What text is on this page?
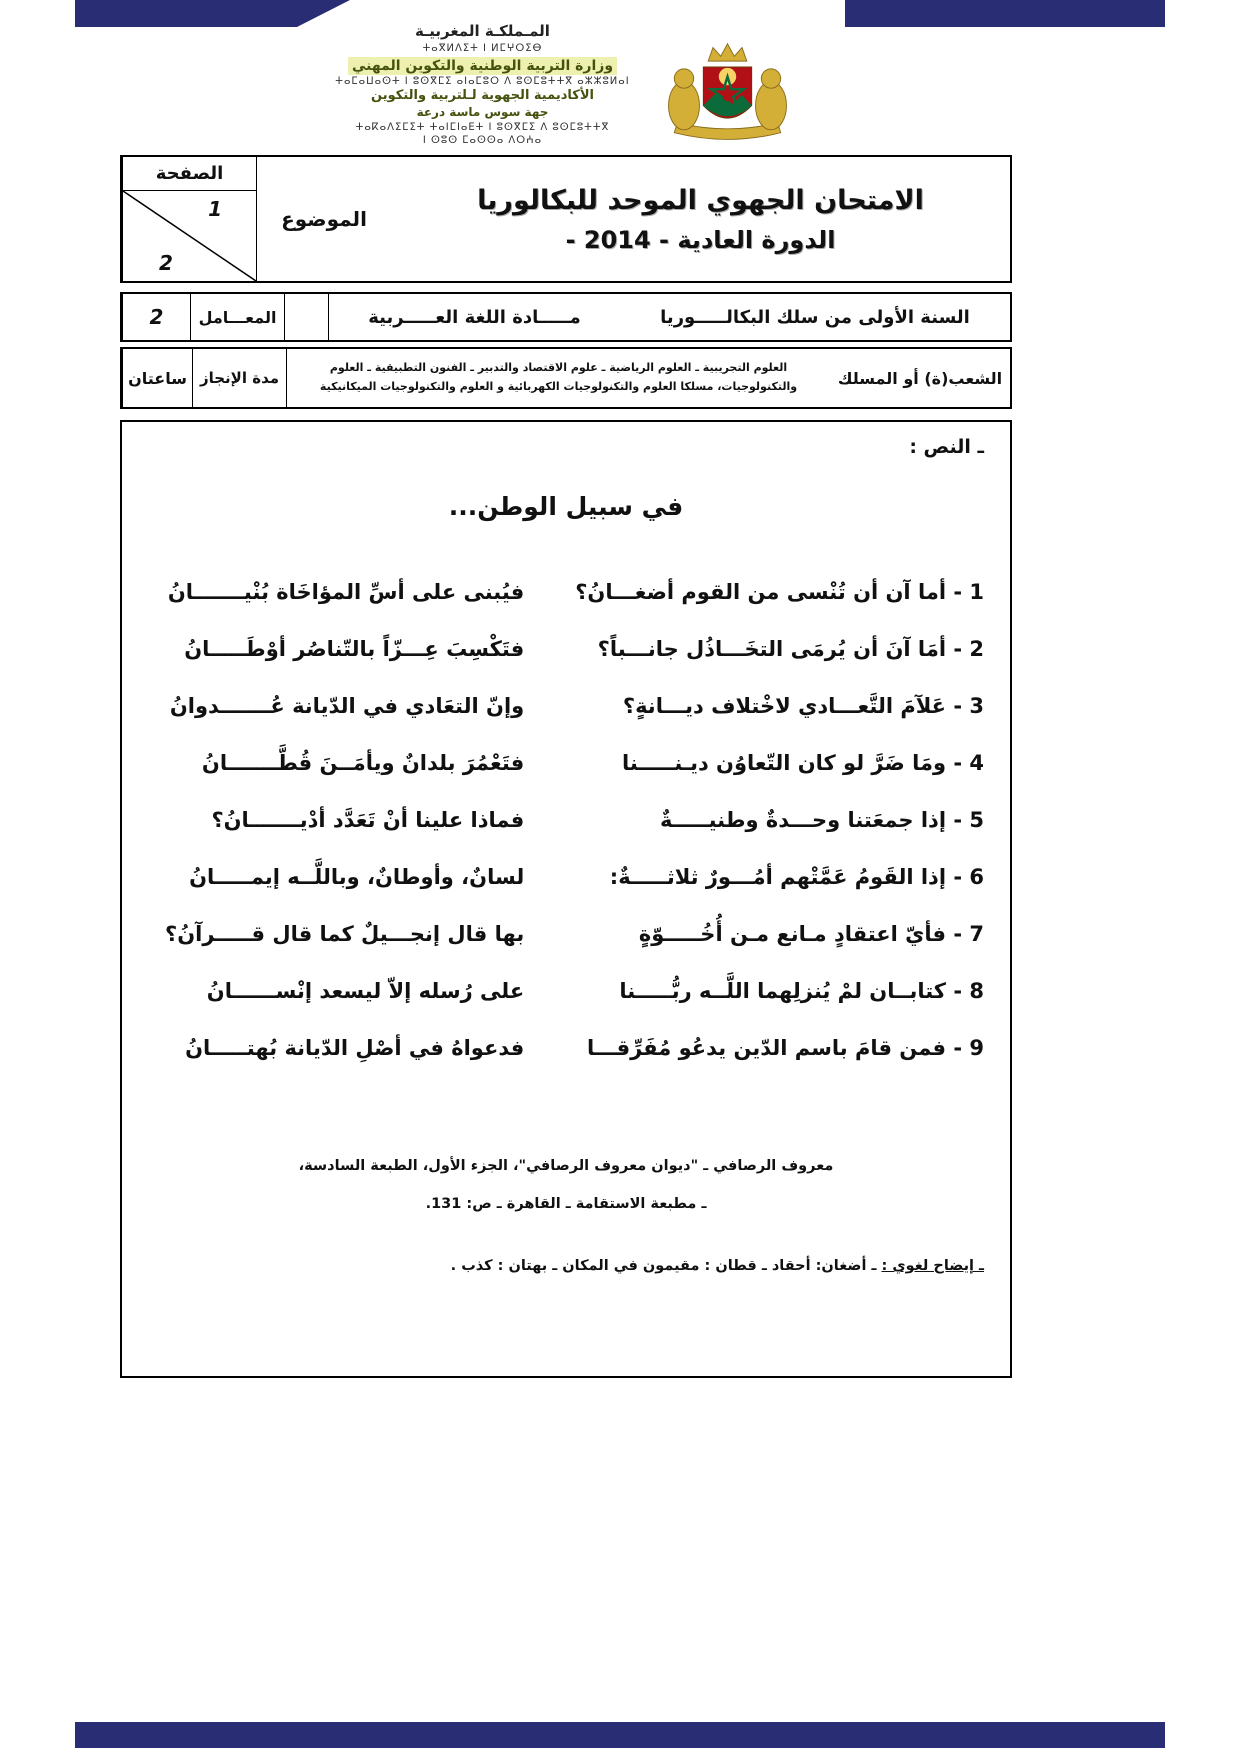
المـملكـة المغربيـة
ⵜⴰⴳⵍⴷⵉⵜ ⵏ ⵍⵎⵖⵔⵉⴱ
وزارة التربية الوطنية والتكوين المهني
ⵜⴰⵎⴰⵡⴰⵙⵜ ⵏ ⵓⵙⴳⵎⵉ ⴰⵏⴰⵎⵓⵔ ⴷ ⵓⵙⵎⵓⵜⵜⴳ ⴰⵣⵣⵓⵍⴰⵏ
الأكاديمية الجهوية لـلتربية والتكوين
جهة سوس ماسة درعة
ⵜⴰⴽⴰⴷⵉⵎⵉⵜ ⵜⴰⵏⵎⵏⴰⴹⵜ ⵏ ⵓⵙⴳⵎⵉ ⴷ ⵓⵙⵎⵓⵜⵜⴳ
ⵏ ⵙⵓⵙ ⵎⴰⵙⵙⴰ ⴷⵔⵄⴰ
الامتحان الجهوي الموحد للبكالوريا
الدورة العادية - 2014 -
الموضوع
الصفحة
1
2
السنة الأولى من سلك البكالـــــوريا
مـــــادة اللغة العـــــربية
المعـــامل
2
الشعب(ة) أو المسلك
العلوم التجريبية ـ العلوم الرياضية ـ علوم الاقتصاد والتدبير ـ الفنون التطبيقية ـ العلوم والتكنولوجيات، مسلكا العلوم والتكنولوجيات الكهربائية و العلوم والتكنولوجيات الميكانيكية
مدة الإنجاز
ساعتان
ـ النص :
في سبيل الوطن...
1 - أما آن أن تُنْسى من القوم أضغـــانُ؟
فيُبنى على أسِّ المؤاخَاة بُنْيـــــــانُ
2 - أمَا آنَ أن يُرمَى التخَـــاذُل جانـــباً؟
فتَكْسِبَ عِـــزّاً بالتّناصُر أوْطَـــــانُ
3 - عَلآمَ التَّعـــادي لاخْتلاف ديـــانةٍ؟
وإنّ التعَادي في الدّيانة عُـــــــدوانُ
4 - ومَا ضَرَّ لو كان التّعاوُن ديـنـــــنا
فتَعْمُرَ بلدانٌ ويأمَــنَ قُطَّـــــــانُ
5 - إذا جمعَتنا وحـــدةٌ وطنيـــــةٌ
فماذا علينا أنْ تَعَدَّد أدْيـــــــانُ؟
6 - إذا القَومُ عَمَّتْهم أمُـــورٌ ثلاثـــــةٌ:
لسانٌ، وأوطانٌ، وباللَّــه إيمـــــانُ
7 - فأيّ اعتقادٍ مـانع مـن أُخُـــــوّةٍ
بها قال إنجـــيلٌ كما قال قـــــرآنُ؟
8 - كتابــان لمْ يُنزلِهما اللَّــه ربُّـــــنا
على رُسله إلاّ ليسعد إنْســــــانُ
9 - فمن قامَ باسم الدّين يدعُو مُفَرِّقـــا
فدعواهُ في أصْلِ الدّيانة بُهتـــــانُ
معروف الرصافي ـ "ديوان معروف الرصافي"، الجزء الأول، الطبعة السادسة،
ـ مطبعة الاستقامة ـ القاهرة ـ ص: 131.
ـ إيضاح لغوي : ـ أضغان: أحقاد ـ قطان : مقيمون في المكان ـ بهتان : كذب .
